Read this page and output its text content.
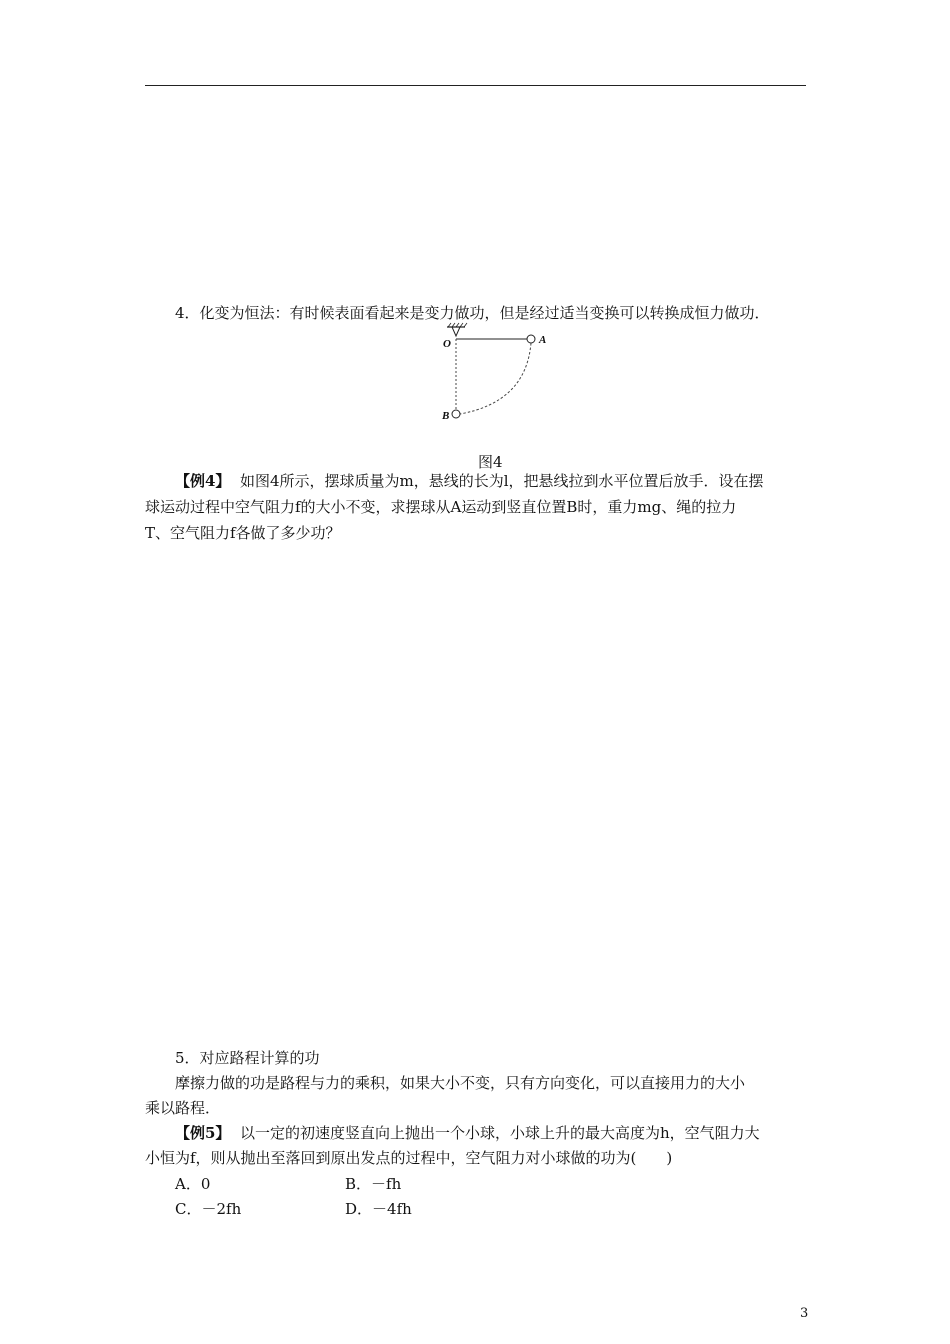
4．化变为恒法：有时候表面看起来是变力做功，但是经过适当变换可以转换成恒力做功．
O	A
B
图4
【例4】 如图4所示，摆球质量为m，悬线的长为l，把悬线拉到水平位置后放手．设在摆
球运动过程中空气阻力f的大小不变，求摆球从A运动到竖直位置B时，重力mg、绳的拉力
T、空气阻力f各做了多少功？
5．对应路程计算的功
摩擦力做的功是路程与力的乘积，如果大小不变，只有方向变化，可以直接用力的大小
乘以路程．
【例5】 以一定的初速度竖直向上抛出一个小球，小球上升的最大高度为h，空气阻力大
小恒为f，则从抛出至落回到原出发点的过程中，空气阻力对小球做的功为(　　)
A．0	B．－fh
C．－2fh	D．－4fh
3
